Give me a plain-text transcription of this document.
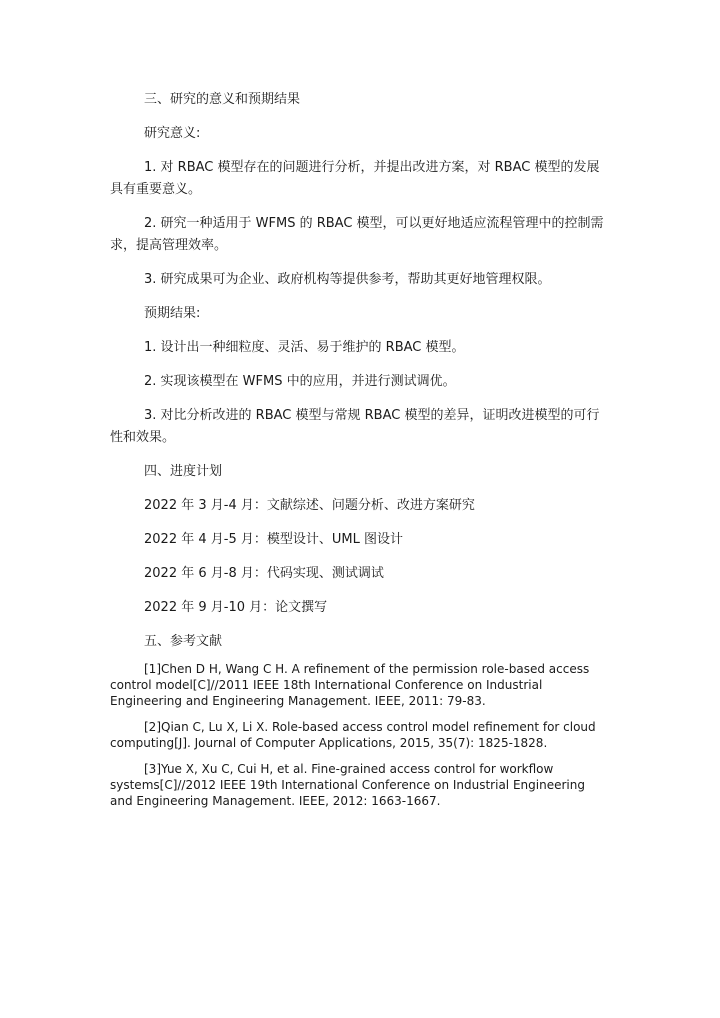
三、研究的意义和预期结果

研究意义:

1. 对 RBAC 模型存在的问题进行分析，并提出改进方案，对 RBAC 模型的发展具有重要意义。

2. 研究一种适用于 WFMS 的 RBAC 模型，可以更好地适应流程管理中的控制需求，提高管理效率。

3. 研究成果可为企业、政府机构等提供参考，帮助其更好地管理权限。

预期结果:

1. 设计出一种细粒度、灵活、易于维护的 RBAC 模型。

2. 实现该模型在 WFMS 中的应用，并进行测试调优。

3. 对比分析改进的 RBAC 模型与常规 RBAC 模型的差异，证明改进模型的可行性和效果。

四、进度计划

2022 年 3 月-4 月：文献综述、问题分析、改进方案研究

2022 年 4 月-5 月：模型设计、UML 图设计

2022 年 6 月-8 月：代码实现、测试调试

2022 年 9 月-10 月：论文撰写

五、参考文献

[1]Chen D H, Wang C H. A refinement of the permission role-based access control model[C]//2011 IEEE 18th International Conference on Industrial Engineering and Engineering Management. IEEE, 2011: 79-83.

[2]Qian C, Lu X, Li X. Role-based access control model refinement for cloud computing[J]. Journal of Computer Applications, 2015, 35(7): 1825-1828.

[3]Yue X, Xu C, Cui H, et al. Fine-grained access control for workflow systems[C]//2012 IEEE 19th International Conference on Industrial Engineering and Engineering Management. IEEE, 2012: 1663-1667.
